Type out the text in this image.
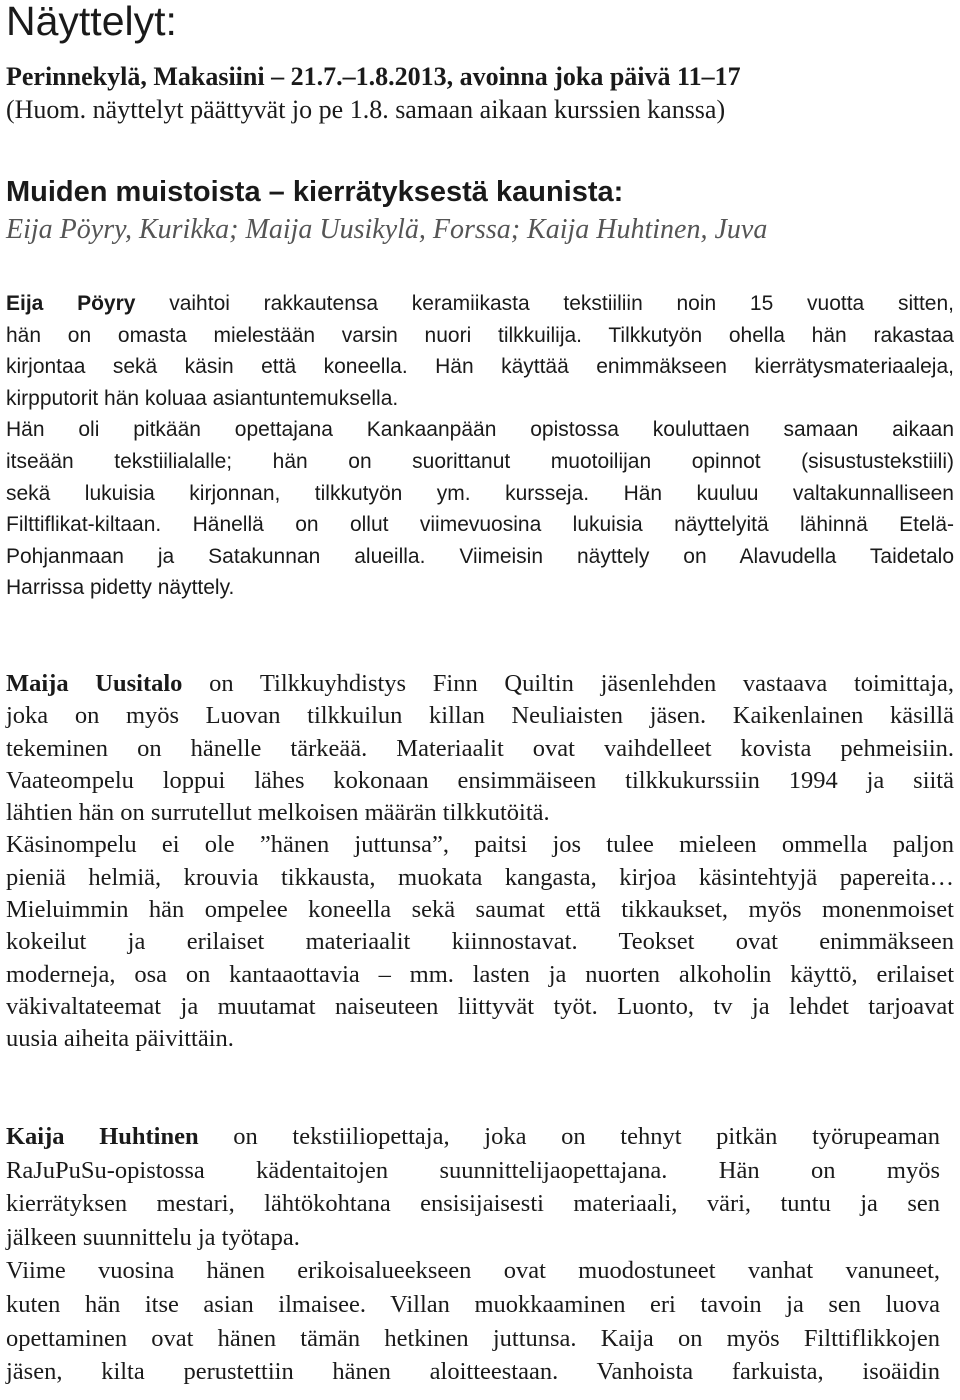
Näyttelyt:

Perinnekylä, Makasiini – 21.7.–1.8.2013, avoinna joka päivä 11–17
(Huom. näyttelyt päättyvät jo pe 1.8. samaan aikaan kurssien kanssa)

Muiden muistoista – kierrätyksestä kaunista:

Eija Pöyry, Kurikka; Maija Uusikylä, Forssa; Kaija Huhtinen, Juva

Eija Pöyry vaihtoi rakkautensa keramiikasta tekstiiliin noin 15 vuotta sitten,
hän on omasta mielestään varsin nuori tilkkuilija. Tilkkutyön ohella hän rakastaa
kirjontaa sekä käsin että koneella. Hän käyttää enimmäkseen kierrätysmateriaaleja,
kirpputorit hän koluaa asiantuntemuksella.
Hän oli pitkään opettajana Kankaanpään opistossa kouluttaen samaan aikaan
itseään tekstiilialalle; hän on suorittanut muotoilijan opinnot (sisustustekstiili)
sekä lukuisia kirjonnan, tilkkutyön ym. kursseja. Hän kuuluu valtakunnalliseen
Filttiflikat-kiltaan. Hänellä on ollut viimevuosina lukuisia näyttelyitä lähinnä Etelä-
Pohjanmaan ja Satakunnan alueilla. Viimeisin näyttely on Alavudella Taidetalo
Harrissa pidetty näyttely.
Maija Uusitalo on Tilkkuyhdistys Finn Quiltin jäsenlehden vastaava toimittaja,
joka on myös Luovan tilkkuilun killan Neuliaisten jäsen. Kaikenlainen käsillä
tekeminen on hänelle tärkeää. Materiaalit ovat vaihdelleet kovista pehmeisiin.
Vaateompelu loppui lähes kokonaan ensimmäiseen tilkkukurssiin 1994 ja siitä
lähtien hän on surrutellut melkoisen määrän tilkkutöitä.
Käsinompelu ei ole ”hänen juttunsa”, paitsi jos tulee mieleen ommella paljon
pieniä helmiä, krouvia tikkausta, muokata kangasta, kirjoa käsintehtyjä papereita…
Mieluimmin hän ompelee koneella sekä saumat että tikkaukset, myös monenmoiset
kokeilut ja erilaiset materiaalit kiinnostavat. Teokset ovat enimmäkseen
moderneja, osa on kantaaottavia – mm. lasten ja nuorten alkoholin käyttö, erilaiset
väkivaltateemat ja muutamat naiseuteen liittyvät työt. Luonto, tv ja lehdet tarjoavat
uusia aiheita päivittäin.
Kaija Huhtinen on tekstiiliopettaja, joka on tehnyt pitkän työrupeaman
RaJuPuSu-opistossa kädentaitojen suunnittelijaopettajana. Hän on myös
kierrätyksen mestari, lähtökohtana ensisijaisesti materiaali, väri, tuntu ja sen
jälkeen suunnittelu ja työtapa.
Viime vuosina hänen erikoisalueekseen ovat muodostuneet vanhat vanuneet,
kuten hän itse asian ilmaisee. Villan muokkaaminen eri tavoin ja sen luova
opettaminen ovat hänen tämän hetkinen juttunsa. Kaija on myös Filttiflikkojen
jäsen, kilta perustettiin hänen aloitteestaan. Vanhoista farkuista, isoäidin
